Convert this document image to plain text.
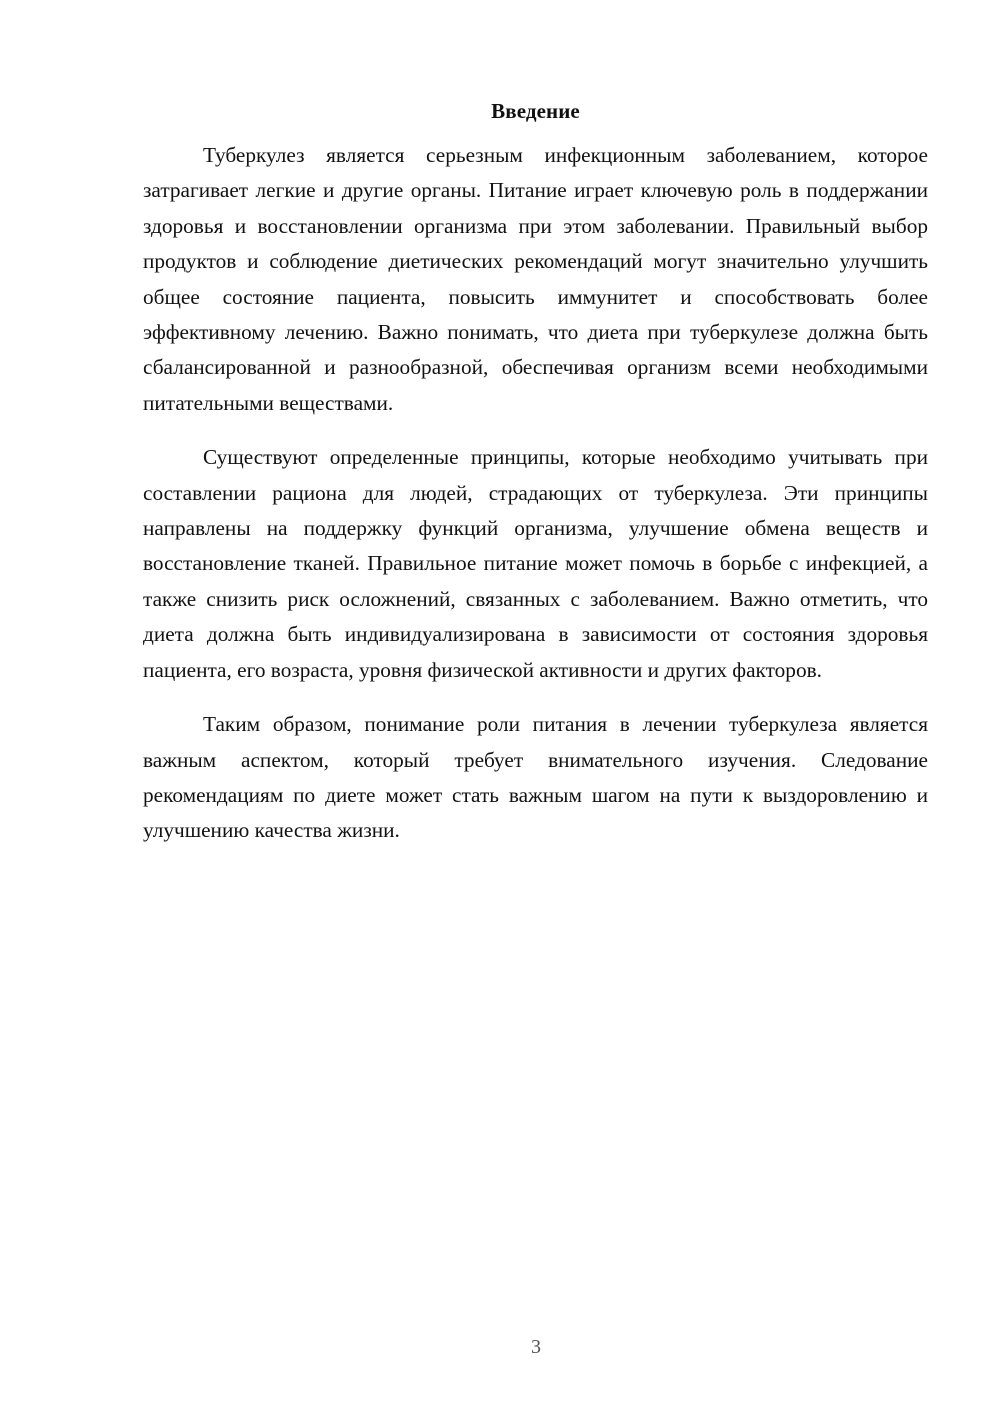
Введение

Туберкулез является серьезным инфекционным заболеванием, которое затрагивает легкие и другие органы. Питание играет ключевую роль в поддержании здоровья и восстановлении организма при этом заболевании. Правильный выбор продуктов и соблюдение диетических рекомендаций могут значительно улучшить общее состояние пациента, повысить иммунитет и способствовать более эффективному лечению. Важно понимать, что диета при туберкулезе должна быть сбалансированной и разнообразной, обеспечивая организм всеми необходимыми питательными веществами.

Существуют определенные принципы, которые необходимо учитывать при составлении рациона для людей, страдающих от туберкулеза. Эти принципы направлены на поддержку функций организма, улучшение обмена веществ и восстановление тканей. Правильное питание может помочь в борьбе с инфекцией, а также снизить риск осложнений, связанных с заболеванием. Важно отметить, что диета должна быть индивидуализирована в зависимости от состояния здоровья пациента, его возраста, уровня физической активности и других факторов.

Таким образом, понимание роли питания в лечении туберкулеза является важным аспектом, который требует внимательного изучения. Следование рекомендациям по диете может стать важным шагом на пути к выздоровлению и улучшению качества жизни.

3
